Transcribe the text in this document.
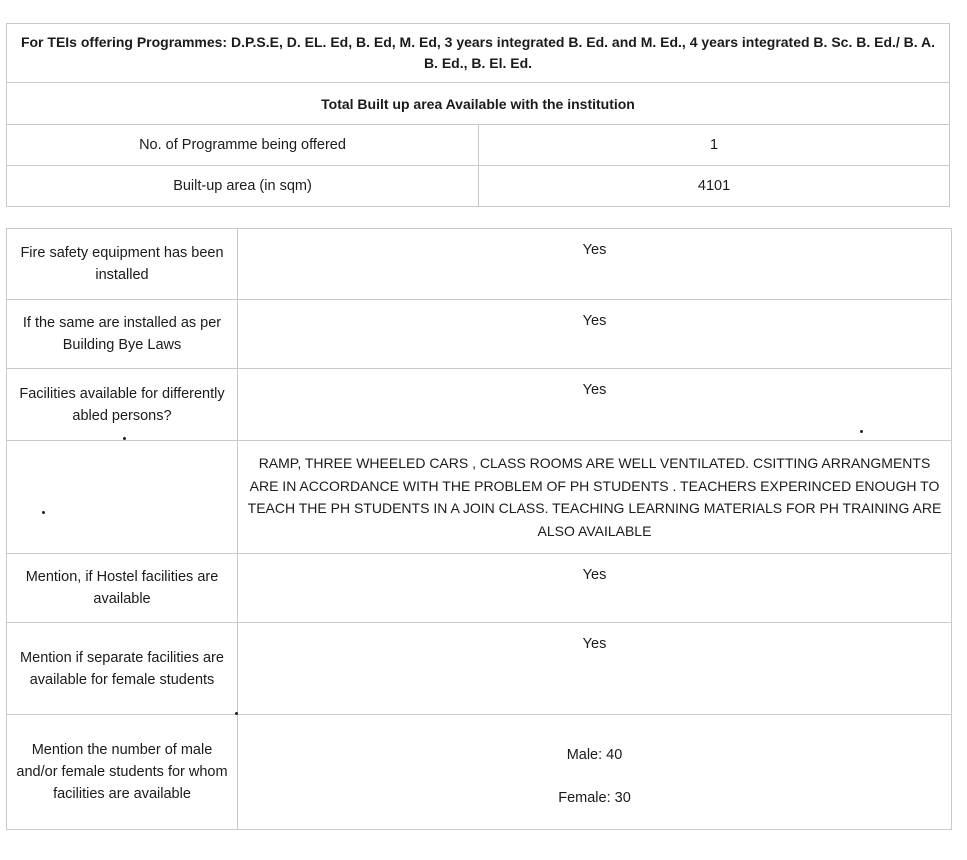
For TEIs offering Programmes: D.P.S.E, D. EL. Ed, B. Ed, M. Ed, 3 years integrated B. Ed. and M. Ed., 4 years integrated B. Sc. B. Ed./ B. A. B. Ed., B. El. Ed.	
Total Built up area Available with the institution	
No. of Programme being offered	1
Built-up area (in sqm)	4101
Fire safety equipment has been installed	Yes
If the same are installed as per Building Bye Laws	Yes
Facilities available for differently abled persons?	Yes
	RAMP, THREE WHEELED CARS , CLASS ROOMS ARE WELL VENTILATED. CSITTING ARRANGMENTS ARE IN ACCORDANCE WITH THE PROBLEM OF PH STUDENTS . TEACHERS EXPERINCED ENOUGH TO TEACH THE PH STUDENTS IN A JOIN CLASS. TEACHING LEARNING MATERIALS FOR PH TRAINING ARE ALSO AVAILABLE
Mention, if Hostel facilities are available	Yes
Mention if separate facilities are available for female students	Yes
Mention the number of male and/or female students for whom facilities are available	Male: 40
Female: 30
